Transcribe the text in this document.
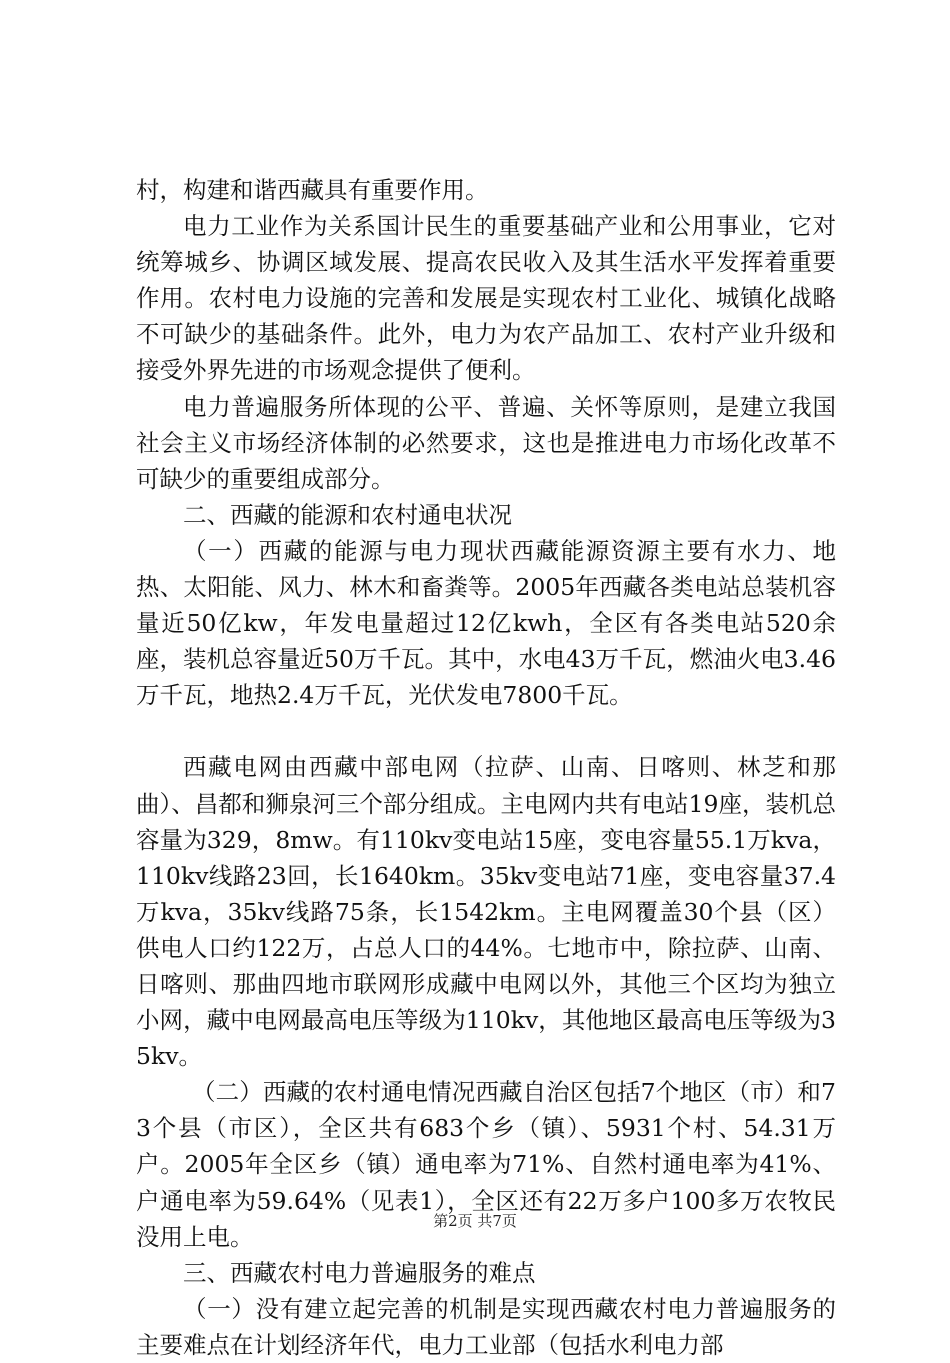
村，构建和谐西藏具有重要作用。

电力工业作为关系国计民生的重要基础产业和公用事业，它对统筹城乡、协调区域发展、提高农民收入及其生活水平发挥着重要作用。农村电力设施的完善和发展是实现农村工业化、城镇化战略不可缺少的基础条件。此外，电力为农产品加工、农村产业升级和接受外界先进的市场观念提供了便利。

电力普遍服务所体现的公平、普遍、关怀等原则，是建立我国社会主义市场经济体制的必然要求，这也是推进电力市场化改革不可缺少的重要组成部分。

二、西藏的能源和农村通电状况

（一）西藏的能源与电力现状西藏能源资源主要有水力、地热、太阳能、风力、林木和畜粪等。2005年西藏各类电站总装机容量近50亿kw，年发电量超过12亿kwh，全区有各类电站520余座，装机总容量近50万千瓦。其中，水电43万千瓦，燃油火电3.46万千瓦，地热2.4万千瓦，光伏发电7800千瓦。

西藏电网由西藏中部电网（拉萨、山南、日喀则、林芝和那曲）、昌都和狮泉河三个部分组成。主电网内共有电站19座，装机总容量为329，8mw。有110kv变电站15座，变电容量55.1万kva，110kv线路23回，长1640km。35kv变电站71座，变电容量37.4万kva，35kv线路75条，长1542km。主电网覆盖30个县（区）供电人口约122万，占总人口的44%。七地市中，除拉萨、山南、日喀则、那曲四地市联网形成藏中电网以外，其他三个区均为独立小网，藏中电网最高电压等级为110kv，其他地区最高电压等级为35kv。

（二）西藏的农村通电情况西藏自治区包括7个地区（市）和73个县（市区），全区共有683个乡（镇）、5931个村、54.31万户。2005年全区乡（镇）通电率为71%、自然村通电率为41%、户通电率为59.64%（见表1），全区还有22万多户100多万农牧民没用上电。

三、西藏农村电力普遍服务的难点

（一）没有建立起完善的机制是实现西藏农村电力普遍服务的主要难点在计划经济年代，电力工业部（包括水利电力部

第2页 共7页
